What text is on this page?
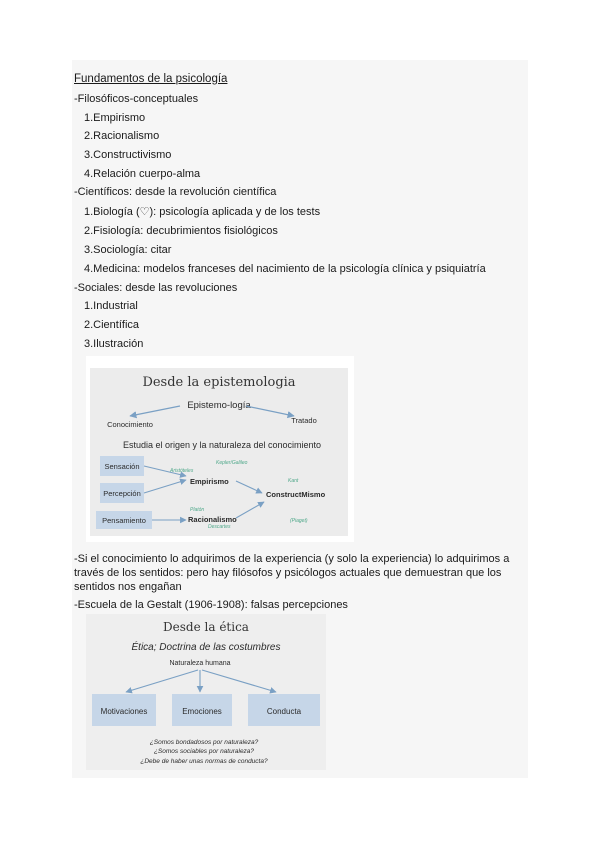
Fundamentos de la psicología
-Filosóficos-conceptuales
1.Empirismo
2.Racionalismo
3.Constructivismo
4.Relación cuerpo-alma
-Científicos: desde la revolución científica
1.Biología (♡): psicología aplicada y de los tests
2.Fisiología: decubrimientos fisiológicos
3.Sociología: citar
4.Medicina: modelos franceses del nacimiento de la psicología clínica y psiquiatría
-Sociales: desde las revoluciones
1.Industrial
2.Científica
3.Ilustración
Desde la epistemologia
Epistemo-logía
Conocimiento	Tratado
Estudia el origen y la naturaleza del conocimiento
Sensación
Percepción
Pensamiento
Empirismo
Racionalismo
ConstructMismo
Aristóteles
Kepler/Galileo
Platón
Descartes
Kant
(Piaget)
-Si el conocimiento lo adquirimos de la experiencia (y solo la experiencia) lo adquirimos a través de los sentidos: pero hay filósofos y psicólogos actuales que demuestran que los sentidos nos engañan
-Escuela de la Gestalt (1906-1908): falsas percepciones
Desde la ética
Ética; Doctrina de las costumbres
Naturaleza humana
Motivaciones	Emociones	Conducta
¿Somos bondadosos por naturaleza?
¿Somos sociables por naturaleza?
¿Debe de haber unas normas de conducta?
